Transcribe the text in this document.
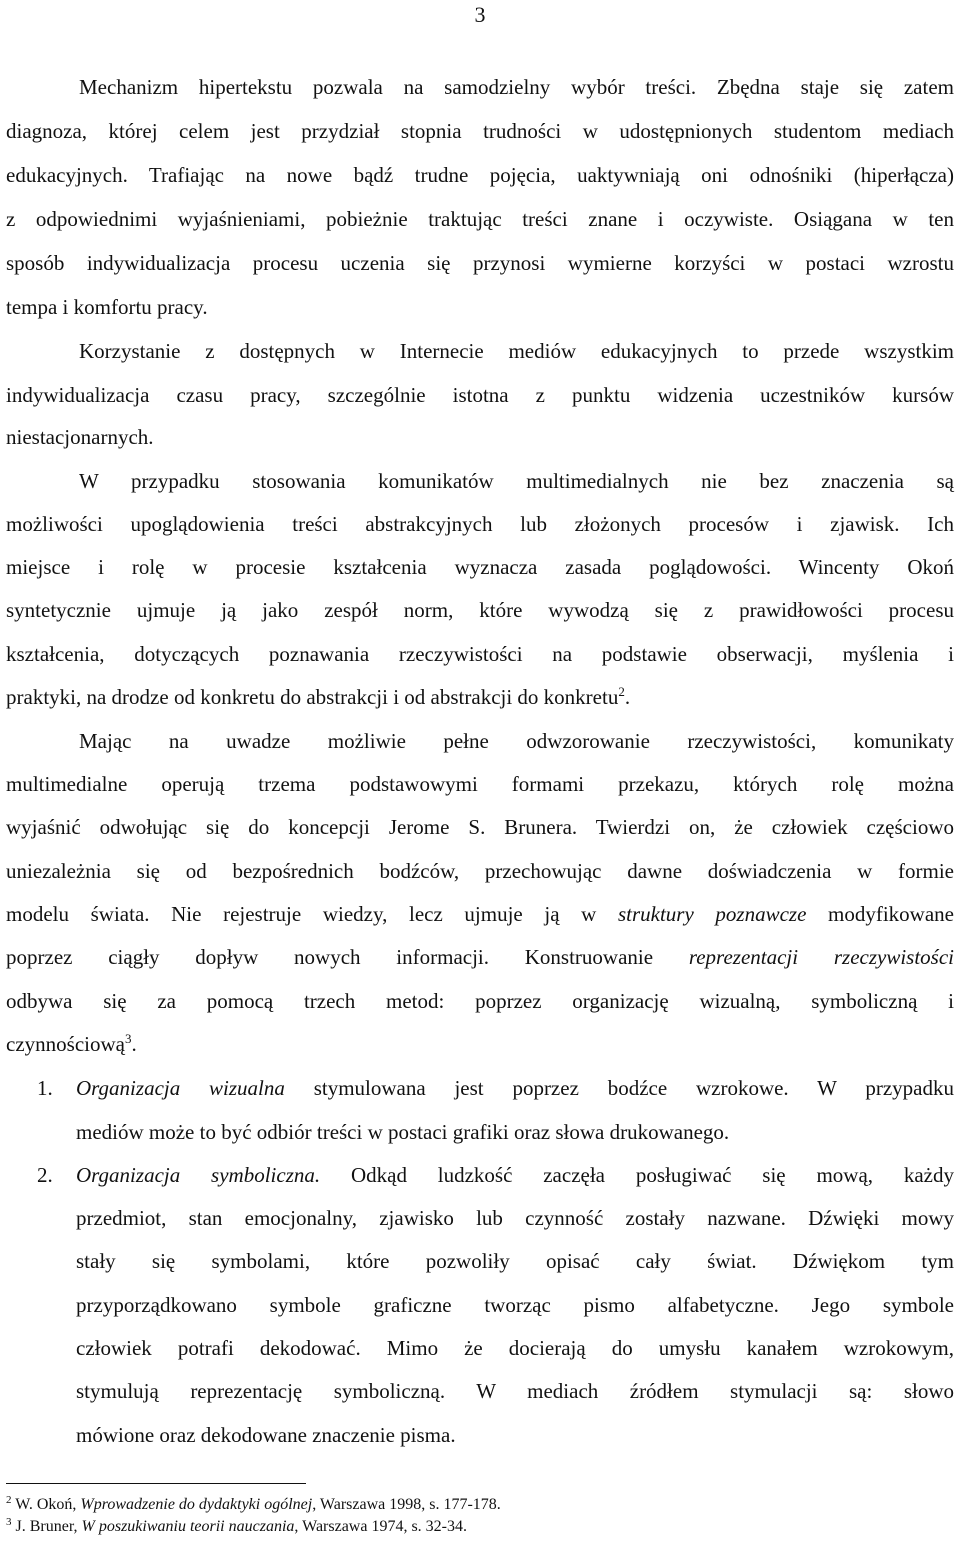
3
Mechanizm hipertekstu pozwala na samodzielny wybór treści. Zbędna staje się zatem
diagnoza, której celem jest przydział stopnia trudności w udostępnionych studentom mediach
edukacyjnych. Trafiając na nowe bądź trudne pojęcia, uaktywniają oni odnośniki (hiperłącza)
z odpowiednimi wyjaśnieniami, pobieżnie traktując treści znane i oczywiste. Osiągana w ten
sposób indywidualizacja procesu uczenia się przynosi wymierne korzyści w postaci wzrostu
tempa i komfortu pracy.
Korzystanie z dostępnych w Internecie mediów edukacyjnych to przede wszystkim
indywidualizacja czasu pracy, szczególnie istotna z punktu widzenia uczestników kursów
niestacjonarnych.
W przypadku stosowania komunikatów multimedialnych nie bez znaczenia są
możliwości upoglądowienia treści abstrakcyjnych lub złożonych procesów i zjawisk. Ich
miejsce i rolę w procesie kształcenia wyznacza zasada poglądowości. Wincenty Okoń
syntetycznie ujmuje ją jako zespół norm, które wywodzą się z prawidłowości procesu
kształcenia, dotyczących poznawania rzeczywistości na podstawie obserwacji, myślenia i
praktyki, na drodze od konkretu do abstrakcji i od abstrakcji do konkretu$^2$.
Mając na uwadze możliwie pełne odwzorowanie rzeczywistości, komunikaty
multimedialne operują trzema podstawowymi formami przekazu, których rolę można
wyjaśnić odwołując się do koncepcji Jerome S. Brunera. Twierdzi on, że człowiek częściowo
uniezależnia się od bezpośrednich bodźców, przechowując dawne doświadczenia w formie
modelu świata. Nie rejestruje wiedzy, lecz ujmuje ją w struktury poznawcze modyfikowane
poprzez ciągły dopływ nowych informacji. Konstruowanie reprezentacji rzeczywistości
odbywa się za pomocą trzech metod: poprzez organizację wizualną, symboliczną i
czynnościową$^3$.
1. Organizacja wizualna stymulowana jest poprzez bodźce wzrokowe. W przypadku
mediów może to być odbiór treści w postaci grafiki oraz słowa drukowanego.
2. Organizacja symboliczna. Odkąd ludzkość zaczęła posługiwać się mową, każdy
przedmiot, stan emocjonalny, zjawisko lub czynność zostały nazwane. Dźwięki mowy
stały się symbolami, które pozwoliły opisać cały świat. Dźwiękom tym
przyporządkowano symbole graficzne tworząc pismo alfabetyczne. Jego symbole
człowiek potrafi dekodować. Mimo że docierają do umysłu kanałem wzrokowym,
stymulują reprezentację symboliczną. W mediach źródłem stymulacji są: słowo
mówione oraz dekodowane znaczenie pisma.
$^2$ W. Okoń, Wprowadzenie do dydaktyki ogólnej, Warszawa 1998, s. 177-178.
$^3$ J. Bruner, W poszukiwaniu teorii nauczania, Warszawa 1974, s. 32-34.
